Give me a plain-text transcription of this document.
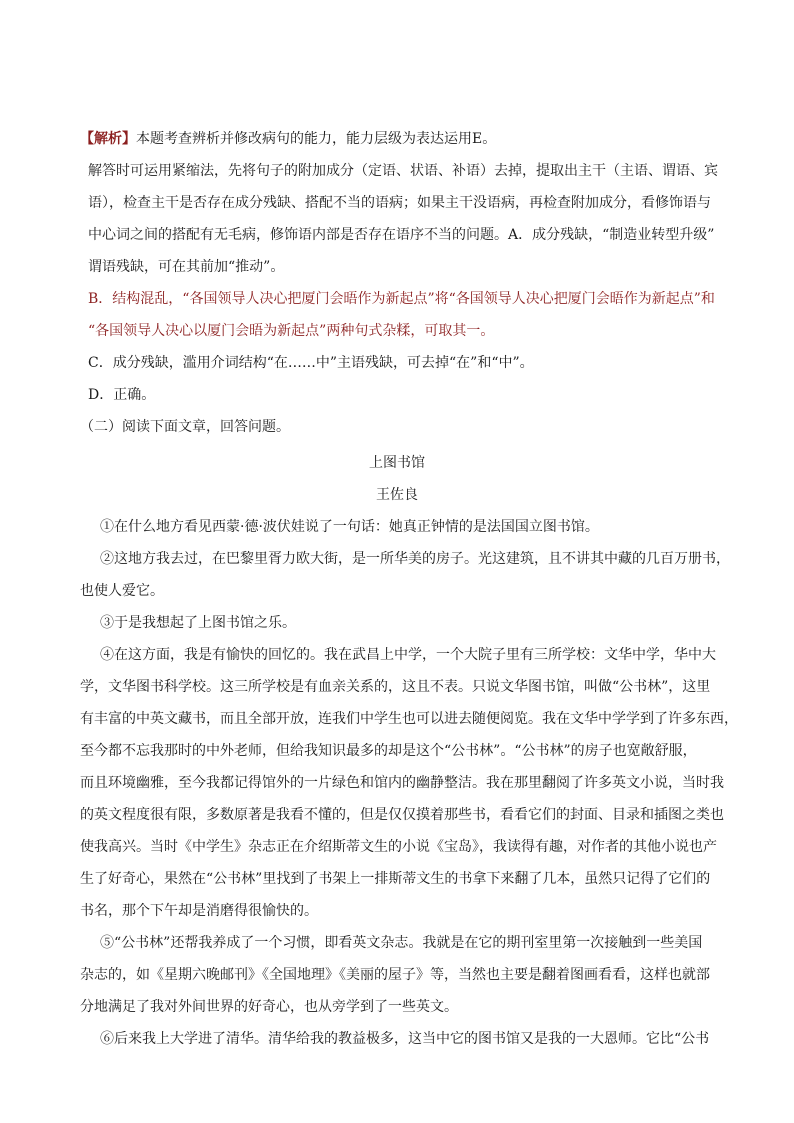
【解析】本题考查辨析并修改病句的能力，能力层级为表达运用E。
解答时可运用紧缩法，先将句子的附加成分（定语、状语、补语）去掉，提取出主干（主语、谓语、宾
语），检查主干是否存在成分残缺、搭配不当的语病；如果主干没语病，再检查附加成分，看修饰语与
中心词之间的搭配有无毛病，修饰语内部是否存在语序不当的问题。A．成分残缺，“制造业转型升级”
谓语残缺，可在其前加“推动”。
B．结构混乱，“各国领导人决心把厦门会晤作为新起点”将“各国领导人决心把厦门会晤作为新起点”和
“各国领导人决心以厦门会晤为新起点”两种句式杂糅，可取其一。
C．成分残缺，滥用介词结构“在……中”主语残缺，可去掉“在”和“中”。
D．正确。
（二）阅读下面文章，回答问题。
上图书馆
王佐良
①在什么地方看见西蒙·德·波伏娃说了一句话：她真正钟情的是法国国立图书馆。
②这地方我去过，在巴黎里胥力欧大街，是一所华美的房子。光这建筑，且不讲其中藏的几百万册书，
也使人爱它。
③于是我想起了上图书馆之乐。
④在这方面，我是有愉快的回忆的。我在武昌上中学，一个大院子里有三所学校：文华中学，华中大
学，文华图书科学校。这三所学校是有血亲关系的，这且不表。只说文华图书馆，叫做“公书林”，这里
有丰富的中英文藏书，而且全部开放，连我们中学生也可以进去随便阅览。我在文华中学学到了许多东西，
至今都不忘我那时的中外老师，但给我知识最多的却是这个“公书林”。“公书林”的房子也宽敞舒服，
而且环境幽雅，至今我都记得馆外的一片绿色和馆内的幽静整洁。我在那里翻阅了许多英文小说，当时我
的英文程度很有限，多数原著是我看不懂的，但是仅仅摸着那些书，看看它们的封面、目录和插图之类也
使我高兴。当时《中学生》杂志正在介绍斯蒂文生的小说《宝岛》，我读得有趣，对作者的其他小说也产
生了好奇心，果然在“公书林”里找到了书架上一排斯蒂文生的书拿下来翻了几本，虽然只记得了它们的
书名，那个下午却是消磨得很愉快的。
⑤“公书林”还帮我养成了一个习惯，即看英文杂志。我就是在它的期刊室里第一次接触到一些美国
杂志的，如《星期六晚邮刊》《全国地理》《美丽的屋子》等，当然也主要是翻着图画看看，这样也就部
分地满足了我对外间世界的好奇心，也从旁学到了一些英文。
⑥后来我上大学进了清华。清华给我的教益极多，这当中它的图书馆又是我的一大恩师。它比“公书
